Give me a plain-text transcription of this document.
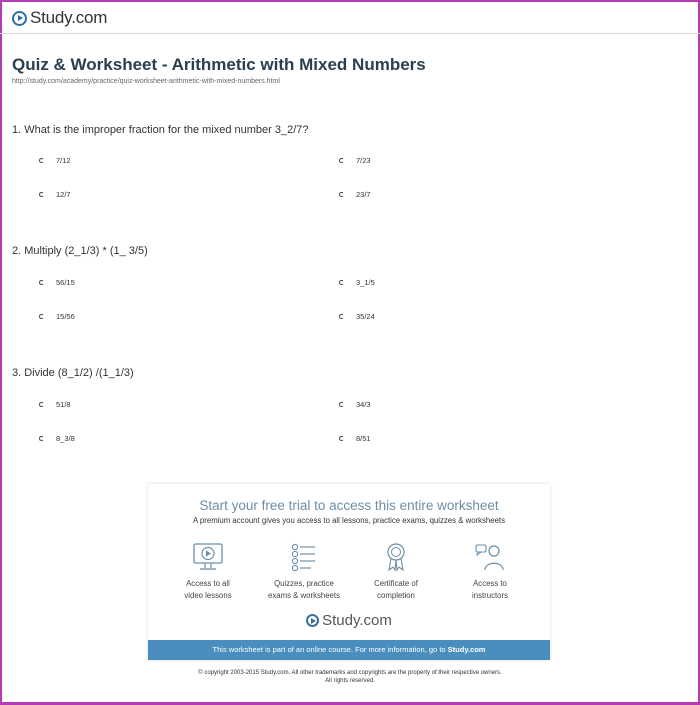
Study.com
Quiz & Worksheet - Arithmetic with Mixed Numbers
http://study.com/academy/practice/quiz-worksheet-arithmetic-with-mixed-numbers.html
1. What is the improper fraction for the mixed number 3_2/7?
7/12	7/23
12/7	23/7
2. Multiply (2_1/3) * (1_ 3/5)
56/15	3_1/5
15/56	35/24
3. Divide (8_1/2) /(1_1/3)
51/8	34/3
8_3/8	8/51
Start your free trial to access this entire worksheet
A premium account gives you access to all lessons, practice exams, quizzes & worksheets
Access to all
video lessons
Quizzes, practice
exams & worksheets
Certificate of
completion
Access to
instructors
Study.com
This worksheet is part of an online course. For more information, go to Study.com
© copyright 2003-2015 Study.com. All other trademarks and copyrights are the property of their respective owners.
All rights reserved.
